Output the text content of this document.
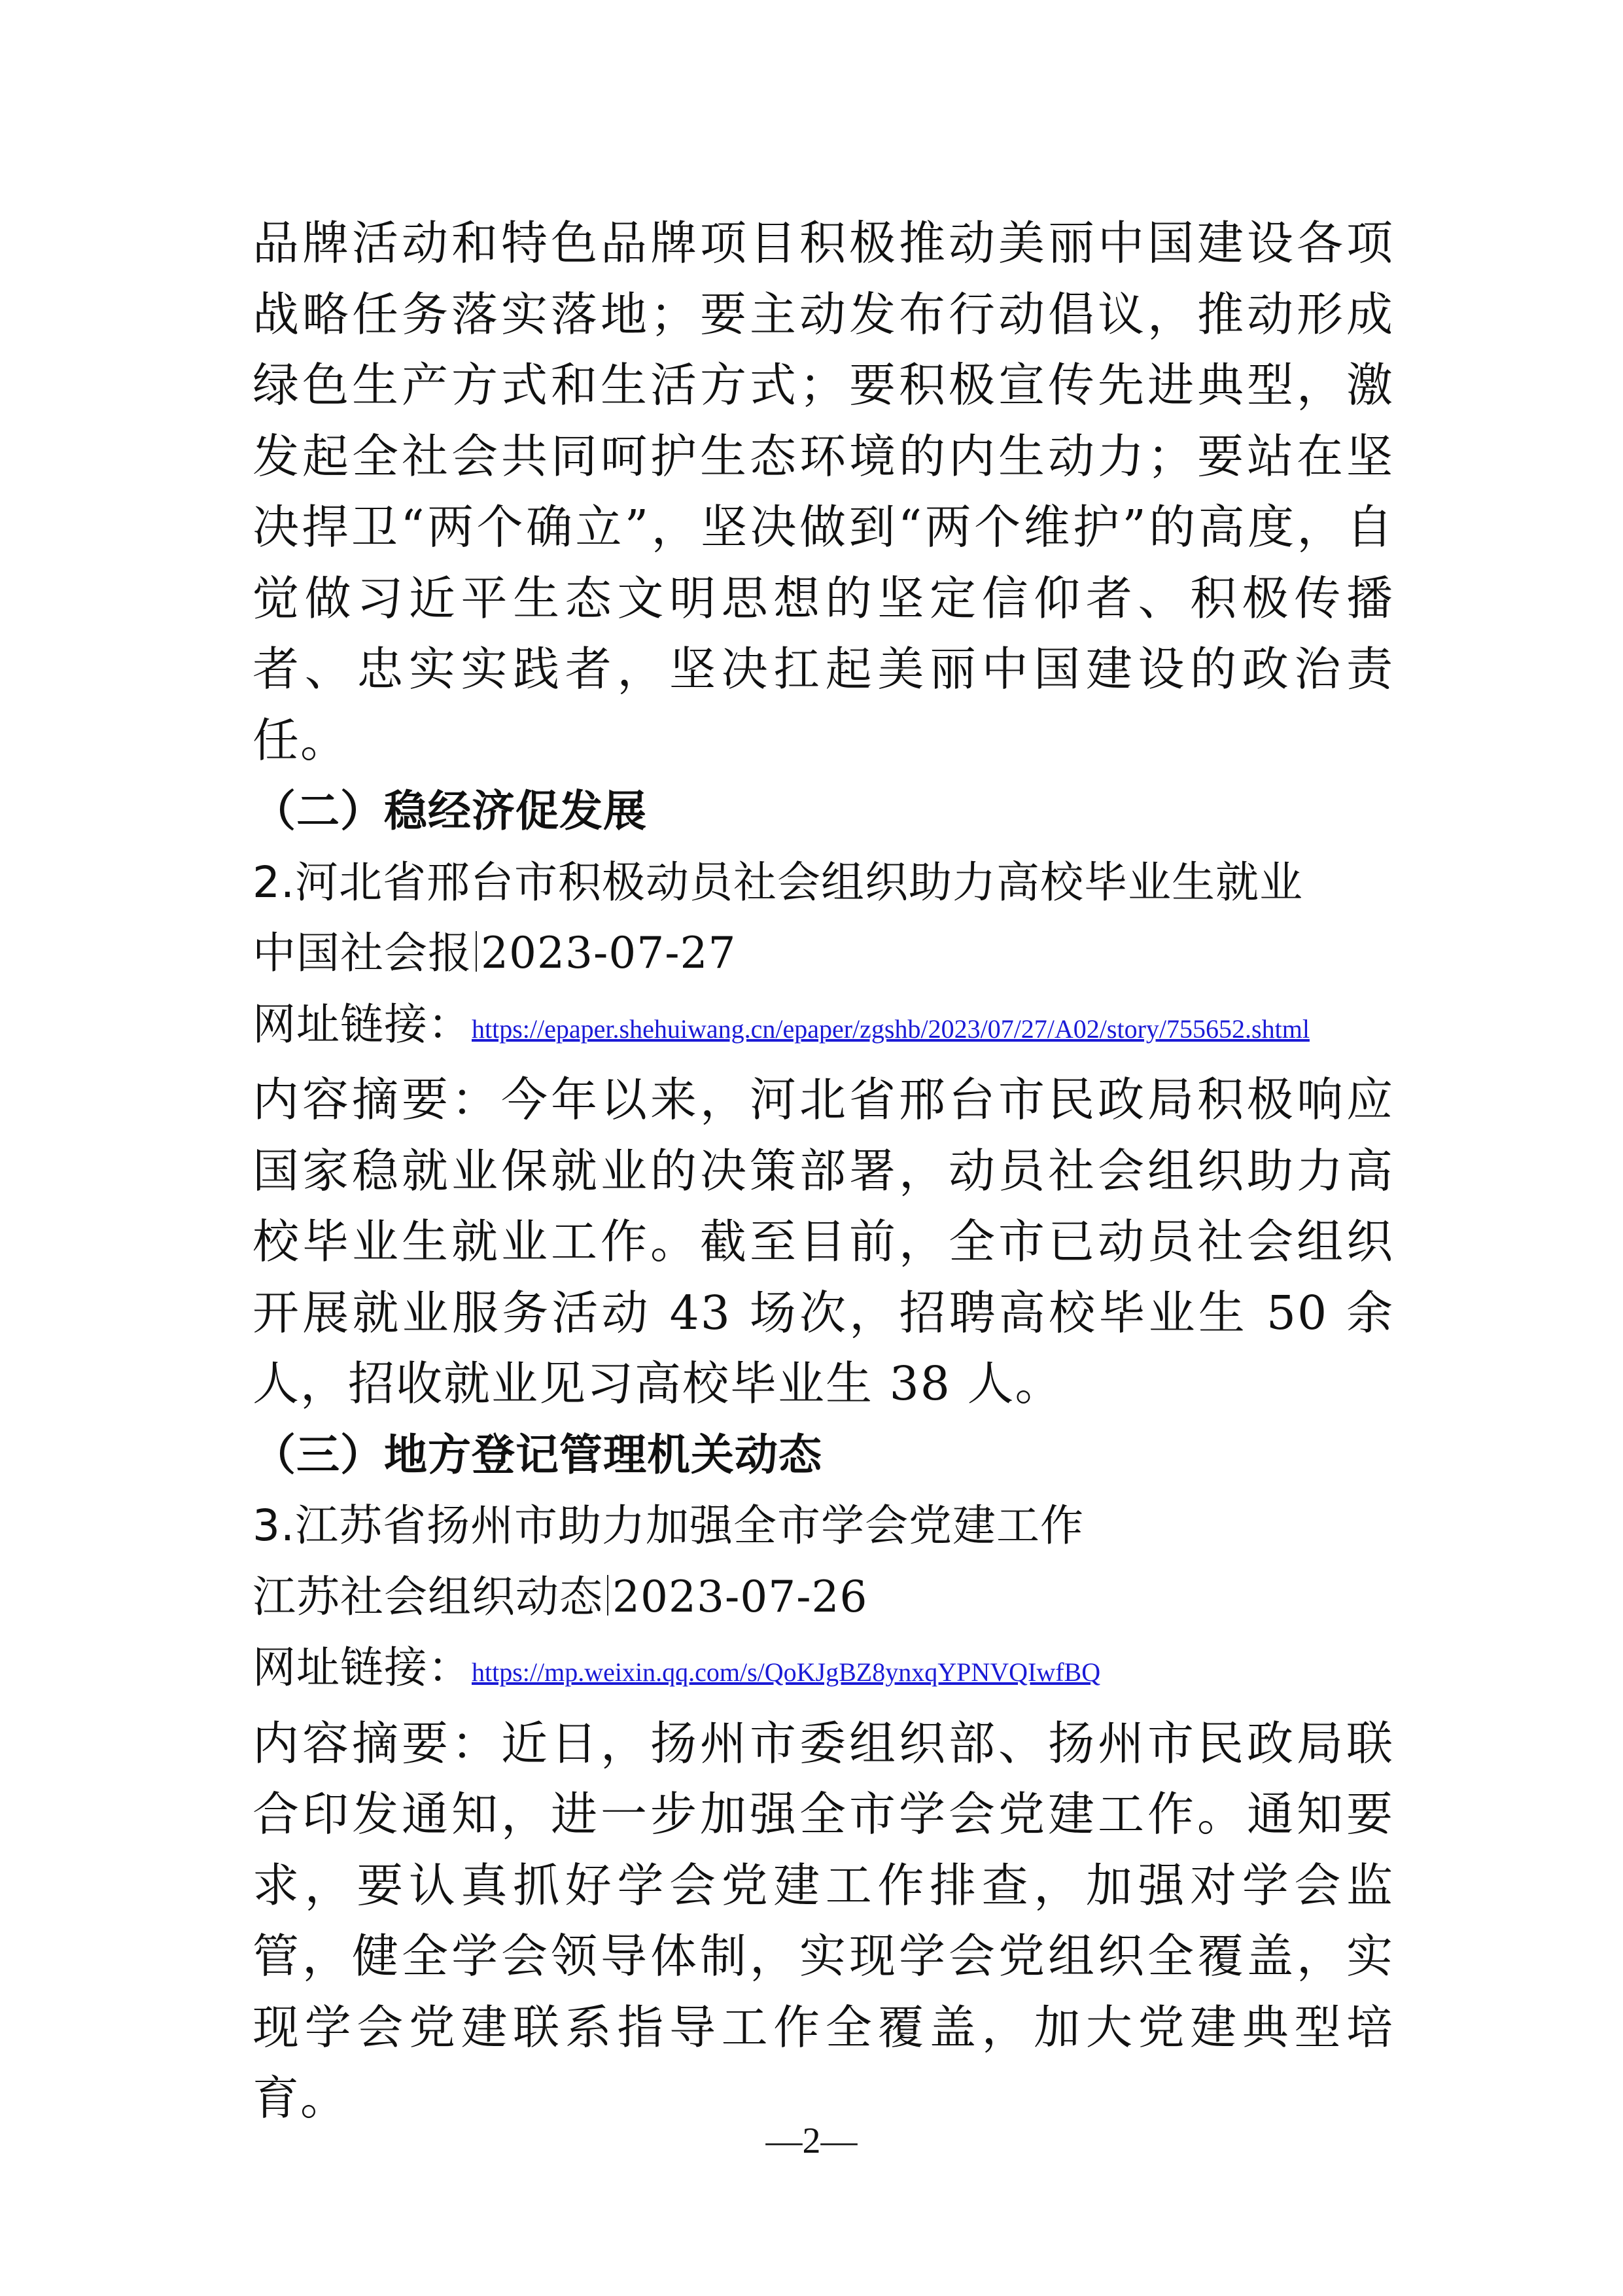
品牌活动和特色品牌项目积极推动美丽中国建设各项战略任务落实落地；要主动发布行动倡议，推动形成绿色生产方式和生活方式；要积极宣传先进典型，激发起全社会共同呵护生态环境的内生动力；要站在坚决捍卫“两个确立”，坚决做到“两个维护”的高度，自觉做习近平生态文明思想的坚定信仰者、积极传播者、忠实实践者，坚决扛起美丽中国建设的政治责任。

（二）稳经济促发展

2.河北省邢台市积极动员社会组织助力高校毕业生就业

中国社会报 2023-07-27

网址链接：https://epaper.shehuiwang.cn/epaper/zgshb/2023/07/27/A02/story/755652.shtml

内容摘要：今年以来，河北省邢台市民政局积极响应国家稳就业保就业的决策部署，动员社会组织助力高校毕业生就业工作。截至目前，全市已动员社会组织开展就业服务活动 43 场次，招聘高校毕业生 50 余人，招收就业见习高校毕业生 38 人。

（三）地方登记管理机关动态

3.江苏省扬州市助力加强全市学会党建工作

江苏社会组织动态 2023-07-26

网址链接：https://mp.weixin.qq.com/s/QoKJgBZ8ynxqYPNVQIwfBQ

内容摘要：近日，扬州市委组织部、扬州市民政局联合印发通知，进一步加强全市学会党建工作。通知要求，要认真抓好学会党建工作排查，加强对学会监管，健全学会领导体制，实现学会党组织全覆盖，实现学会党建联系指导工作全覆盖，加大党建典型培育。

—2—
